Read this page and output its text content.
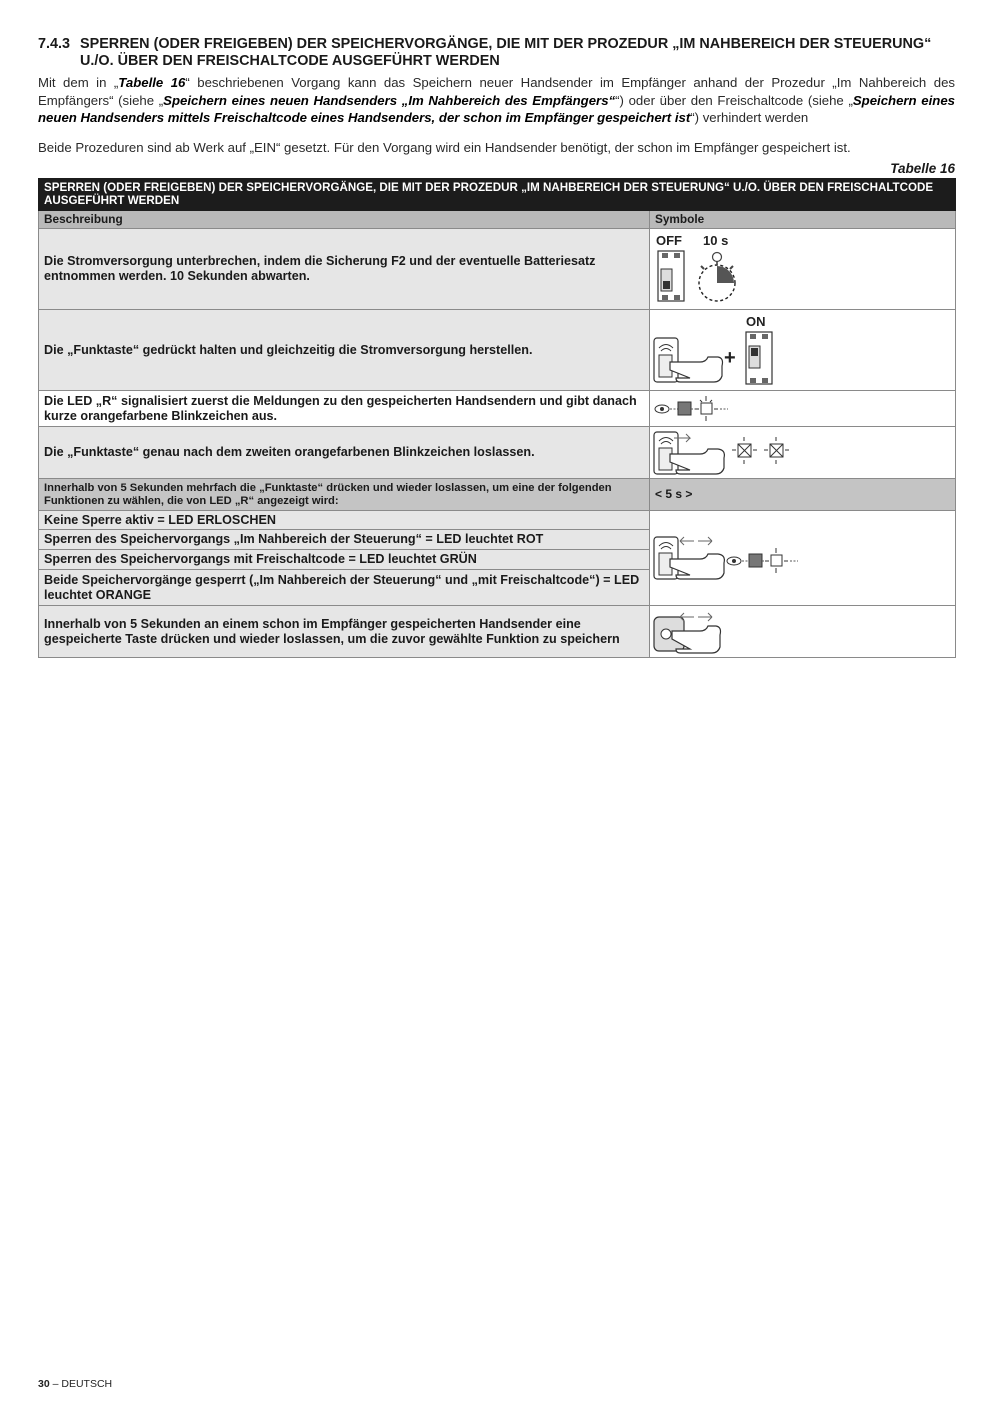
7.4.3 SPERREN (ODER FREIGEBEN) DER SPEICHERVORGÄNGE, DIE MIT DER PROZEDUR „IM NAHBEREICH DER STEUERUNG“ U./O. ÜBER DEN FREISCHALTCODE AUSGEFÜHRT WERDEN
Mit dem in „Tabelle 16“ beschriebenen Vorgang kann das Speichern neuer Handsender im Empfänger anhand der Prozedur „Im Nahbereich des Empfängers“ (siehe „Speichern eines neuen Handsenders „Im Nahbereich des Empfängers““) oder über den Freischaltcode (siehe „Speichern eines neuen Handsenders mittels Freischaltcode eines Handsenders, der schon im Empfänger gespeichert ist“) verhindert werden
Beide Prozeduren sind ab Werk auf „EIN“ gesetzt. Für den Vorgang wird ein Handsender benötigt, der schon im Empfänger gespeichert ist.
Tabelle 16
SPERREN (ODER FREIGEBEN) DER SPEICHERVORGÄNGE, DIE MIT DER PROZEDUR „IM NAHBEREICH DER STEUERUNG“ U./O. ÜBER DEN FREISCHALTCODE AUSGEFÜHRT WERDEN	
Beschreibung	Symbole
Die Stromversorgung unterbrechen, indem die Sicherung F2 und der eventuelle Batteriesatz entnommen werden. 10 Sekunden abwarten.	OFF 10 s

Die „Funktaste“ gedrückt halten und gleichzeitig die Stromversorgung herstellen.	ON
+

Die LED „R“ signalisiert zuerst die Meldungen zu den gespeicherten Handsendern und gibt danach kurze orangefarbene Blinkzeichen aus.	

Die „Funktaste“ genau nach dem zweiten orangefarbenen Blinkzeichen loslassen.	

Innerhalb von 5 Sekunden mehrfach die „Funktaste“ drücken und wieder loslassen, um eine der folgenden Funktionen zu wählen, die von LED „R“ angezeigt wird:	< 5 s >
Keine Sperre aktiv = LED ERLOSCHEN	

Sperren des Speichervorgangs „Im Nahbereich der Steuerung“ = LED leuchtet ROT	
Sperren des Speichervorgangs mit Freischaltcode = LED leuchtet GRÜN	
Beide Speichervorgänge gesperrt („Im Nahbereich der Steuerung“ und „mit Freischaltcode“) = LED leuchtet ORANGE	
Innerhalb von 5 Sekunden an einem schon im Empfänger gespeicherten Handsender eine gespeicherte Taste drücken und wieder loslassen, um die zuvor gewählte Funktion zu speichern	
30 – DEUTSCH
